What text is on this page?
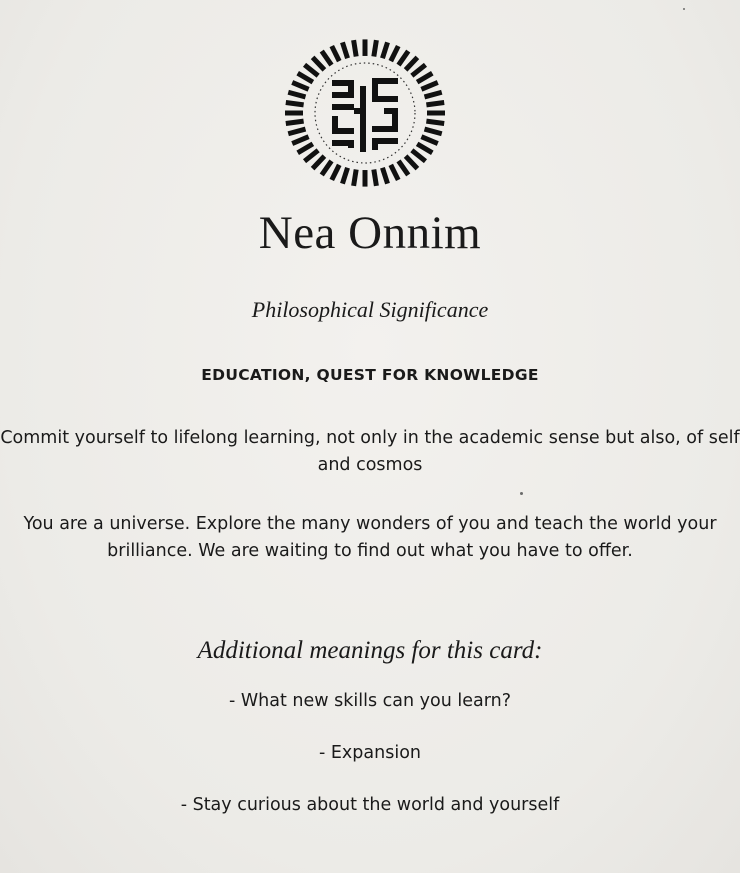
Nea Onnim

Philosophical Significance

EDUCATION, QUEST FOR KNOWLEDGE

Commit yourself to lifelong learning, not only in the academic sense but also, of self and cosmos

You are a universe. Explore the many wonders of you and teach the world your brilliance. We are waiting to find out what you have to offer.

Additional meanings for this card:

- What new skills can you learn?

- Expansion

- Stay curious about the world and yourself
